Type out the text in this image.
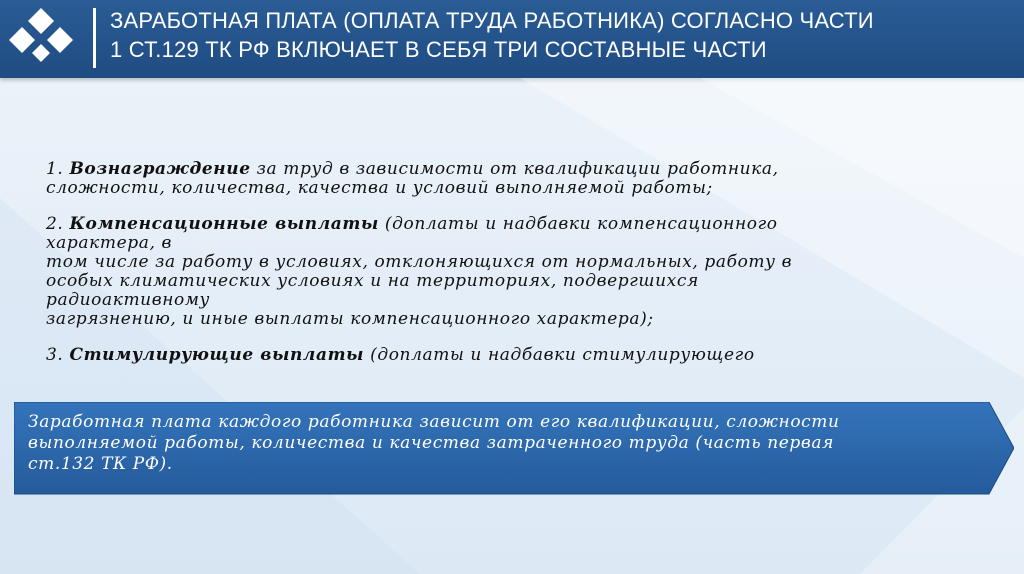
ЗАРАБОТНАЯ ПЛАТА (ОПЛАТА ТРУДА РАБОТНИКА) СОГЛАСНО ЧАСТИ
1 СТ.129 ТК РФ ВКЛЮЧАЕТ В СЕБЯ ТРИ СОСТАВНЫЕ ЧАСТИ

1. Вознаграждение за труд в зависимости от квалификации работника,
сложности, количества, качества и условий выполняемой работы;

2. Компенсационные выплаты (доплаты и надбавки компенсационного
характера, в
том числе за работу в условиях, отклоняющихся от нормальных, работу в
особых климатических условиях и на территориях, подвергшихся
радиоактивному
загрязнению, и иные выплаты компенсационного характера);

3. Стимулирующие выплаты (доплаты и надбавки стимулирующего

Заработная плата каждого работника зависит от его квалификации, сложности
выполняемой работы, количества и качества затраченного труда (часть первая
ст.132 ТК РФ).
